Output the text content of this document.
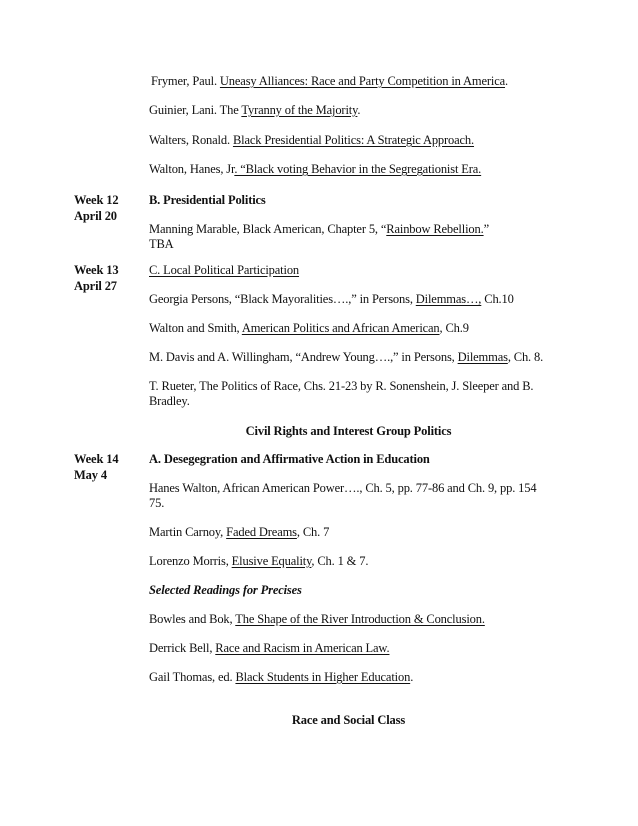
Frymer, Paul. Uneasy Alliances: Race and Party Competition in America.
Guinier, Lani. The Tyranny of the Majority.
Walters, Ronald. Black Presidential Politics: A Strategic Approach.
Walton, Hanes, Jr. “Black voting Behavior in the Segregationist Era.
Week 12
April 20
B. Presidential Politics
Manning Marable, Black American, Chapter 5, “Rainbow Rebellion.”
TBA
Week 13
April 27
C. Local Political Participation
Georgia Persons, “Black Mayoralities….,” in Persons, Dilemmas…, Ch.10
Walton and Smith, American Politics and African American, Ch.9
M. Davis and A. Willingham, “Andrew Young….,” in Persons, Dilemmas, Ch. 8.
T. Rueter, The Politics of Race, Chs. 21-23 by R. Sonenshein, J. Sleeper and B.
Bradley.
Civil Rights and Interest Group Politics
Week 14
May 4
A. Desegegration and Affirmative Action in Education
Hanes Walton, African American Power…., Ch. 5, pp. 77-86 and Ch. 9, pp. 154
75.
Martin Carnoy, Faded Dreams, Ch. 7
Lorenzo Morris, Elusive Equality, Ch. 1 & 7.
Selected Readings for Precises
Bowles and Bok, The Shape of the River Introduction & Conclusion.
Derrick Bell, Race and Racism in American Law.
Gail Thomas, ed. Black Students in Higher Education.
Race and Social Class
